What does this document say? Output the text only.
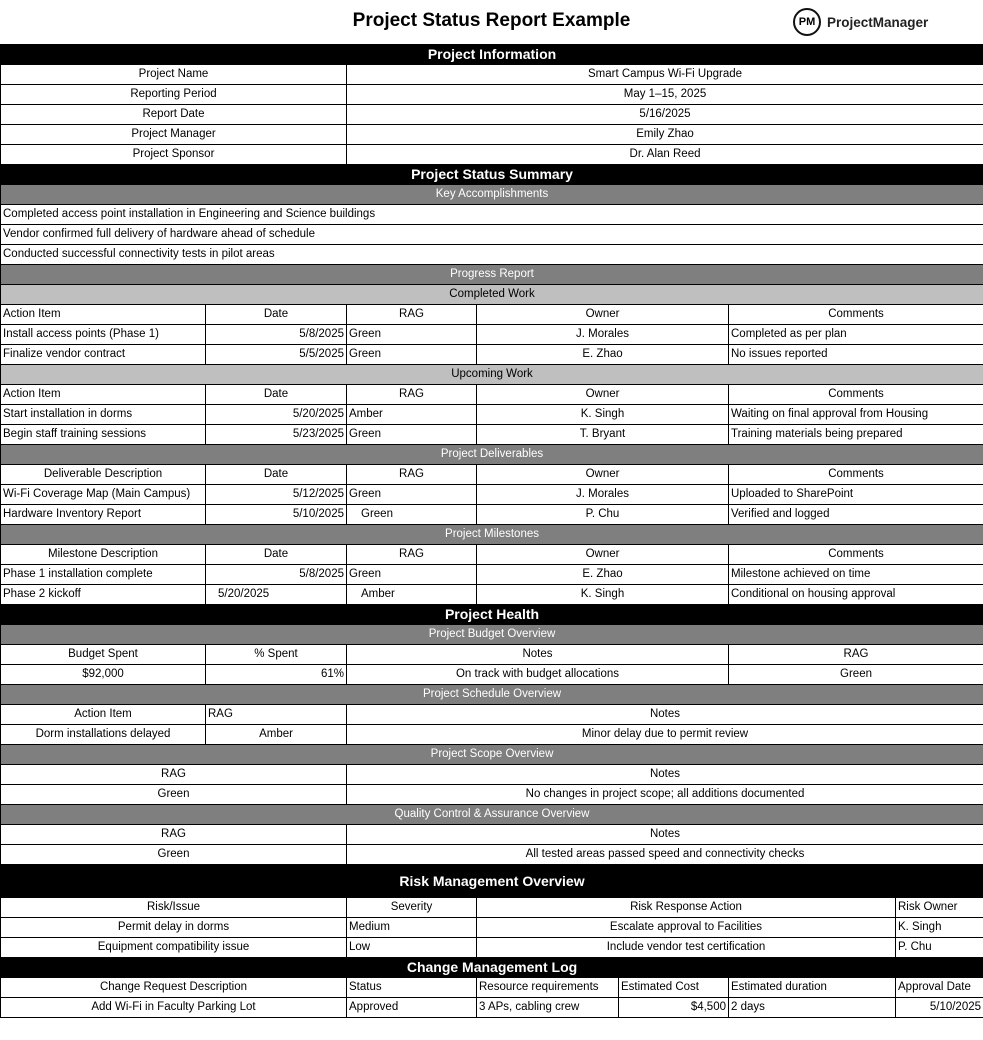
Project Status Report Example	PM ProjectManager
Project Information						
Project Name		Smart Campus Wi-Fi Upgrade				
Reporting Period		May 1–15, 2025				
Report Date		5/16/2025				
Project Manager		Emily Zhao				
Project Sponsor		Dr. Alan Reed				
Project Status Summary						
Key Accomplishments						
Completed access point installation in Engineering and Science buildings						
Vendor confirmed full delivery of hardware ahead of schedule						
Conducted successful connectivity tests in pilot areas						
Progress Report						
Completed Work						
Action Item	Date	RAG	Owner		Comments	
Install access points (Phase 1)	5/8/2025	Green	J. Morales		Completed as per plan	
Finalize vendor contract	5/5/2025	Green	E. Zhao		No issues reported	
Upcoming Work						
Action Item	Date	RAG	Owner		Comments	
Start installation in dorms	5/20/2025	Amber	K. Singh		Waiting on final approval from Housing	
Begin staff training sessions	5/23/2025	Green	T. Bryant		Training materials being prepared	
Project Deliverables						
Deliverable Description	Date	RAG	Owner		Comments	
Wi-Fi Coverage Map (Main Campus)	5/12/2025	Green	J. Morales		Uploaded to SharePoint	
Hardware Inventory Report	5/10/2025	Green	P. Chu		Verified and logged	
Project Milestones						
Milestone Description	Date	RAG	Owner		Comments	
Phase 1 installation complete	5/8/2025	Green	E. Zhao		Milestone achieved on time	
Phase 2 kickoff	5/20/2025	Amber	K. Singh		Conditional on housing approval	
Project Health						
Project Budget Overview						
Budget Spent	% Spent	Notes			RAG	
$92,000	61%	On track with budget allocations			Green	
Project Schedule Overview						
Action Item	RAG	Notes				
Dorm installations delayed	Amber	Minor delay due to permit review				
Project Scope Overview						
RAG		Notes				
Green		No changes in project scope; all additions documented				
Quality Control & Assurance Overview						
RAG		Notes				
Green		All tested areas passed speed and connectivity checks				
Risk Management Overview						
Risk/Issue		Severity	Risk Response Action			Risk Owner
Permit delay in dorms		Medium	Escalate approval to Facilities			K. Singh
Equipment compatibility issue		Low	Include vendor test certification			P. Chu
Change Management Log						
Change Request Description		Status	Resource requirements	Estimated Cost	Estimated duration	Approval Date
Add Wi-Fi in Faculty Parking Lot		Approved	3 APs, cabling crew	$4,500	2 days	5/10/2025
